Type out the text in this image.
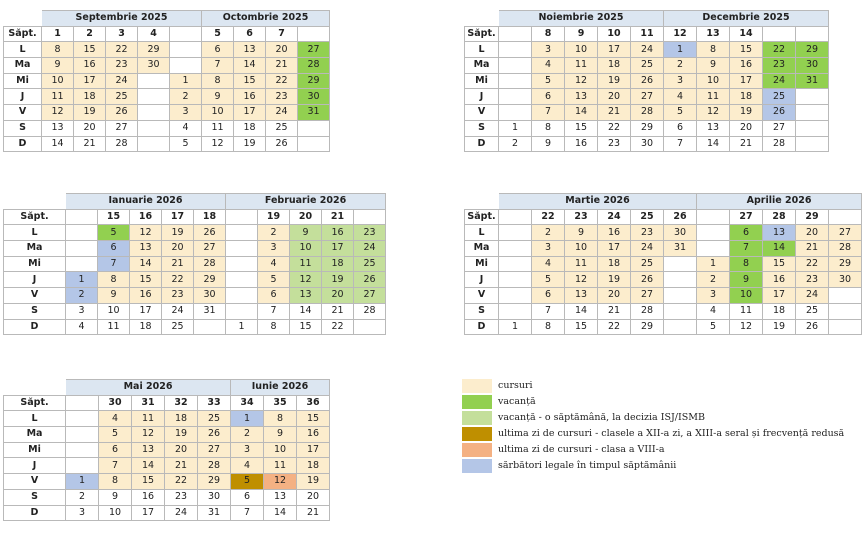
	Septembrie 2025					Octombrie 2025			
Săpt.	1	2	3	4		5	6	7	
L	8	15	22	29		6	13	20	27
Ma	9	16	23	30		7	14	21	28
Mi	10	17	24		1	8	15	22	29
J	11	18	25		2	9	16	23	30
V	12	19	26		3	10	17	24	31
S	13	20	27		4	11	18	25	
D	14	21	28		5	12	19	26	
	Noiembrie 2025					Decembrie 2025				
Săpt.		8	9	10	11	12	13	14		
L		3	10	17	24	1	8	15	22	29
Ma		4	11	18	25	2	9	16	23	30
Mi		5	12	19	26	3	10	17	24	31
J		6	13	20	27	4	11	18	25	
V		7	14	21	28	5	12	19	26	
S	1	8	15	22	29	6	13	20	27	
D	2	9	16	23	30	7	14	21	28	
	Ianuarie 2026					Februarie 2026				
Săpt.		15	16	17	18		19	20	21	
L		5	12	19	26		2	9	16	23
Ma		6	13	20	27		3	10	17	24
Mi		7	14	21	28		4	11	18	25
J	1	8	15	22	29		5	12	19	26
V	2	9	16	23	30		6	13	20	27
S	3	10	17	24	31		7	14	21	28
D	4	11	18	25		1	8	15	22	
	Martie 2026						Aprilie 2026				
Săpt.		22	23	24	25	26		27	28	29	
L		2	9	16	23	30		6	13	20	27
Ma		3	10	17	24	31		7	14	21	28
Mi		4	11	18	25		1	8	15	22	29
J		5	12	19	26		2	9	16	23	30
V		6	13	20	27		3	10	17	24	
S		7	14	21	28		4	11	18	25	
D	1	8	15	22	29		5	12	19	26	
	Mai 2026					Iunie 2026		
Săpt.		30	31	32	33	34	35	36
L		4	11	18	25	1	8	15
Ma		5	12	19	26	2	9	16
Mi		6	13	20	27	3	10	17
J		7	14	21	28	4	11	18
V	1	8	15	22	29	5	12	19
S	2	9	16	23	30	6	13	20
D	3	10	17	24	31	7	14	21
cursuri
vacanță
vacanță - o săptămână, la decizia ISJ/ISMB
ultima zi de cursuri - clasele a XII-a zi, a XIII-a seral și frecvență redusă
ultima zi de cursuri - clasa a VIII-a
sărbători legale în timpul săptămânii
